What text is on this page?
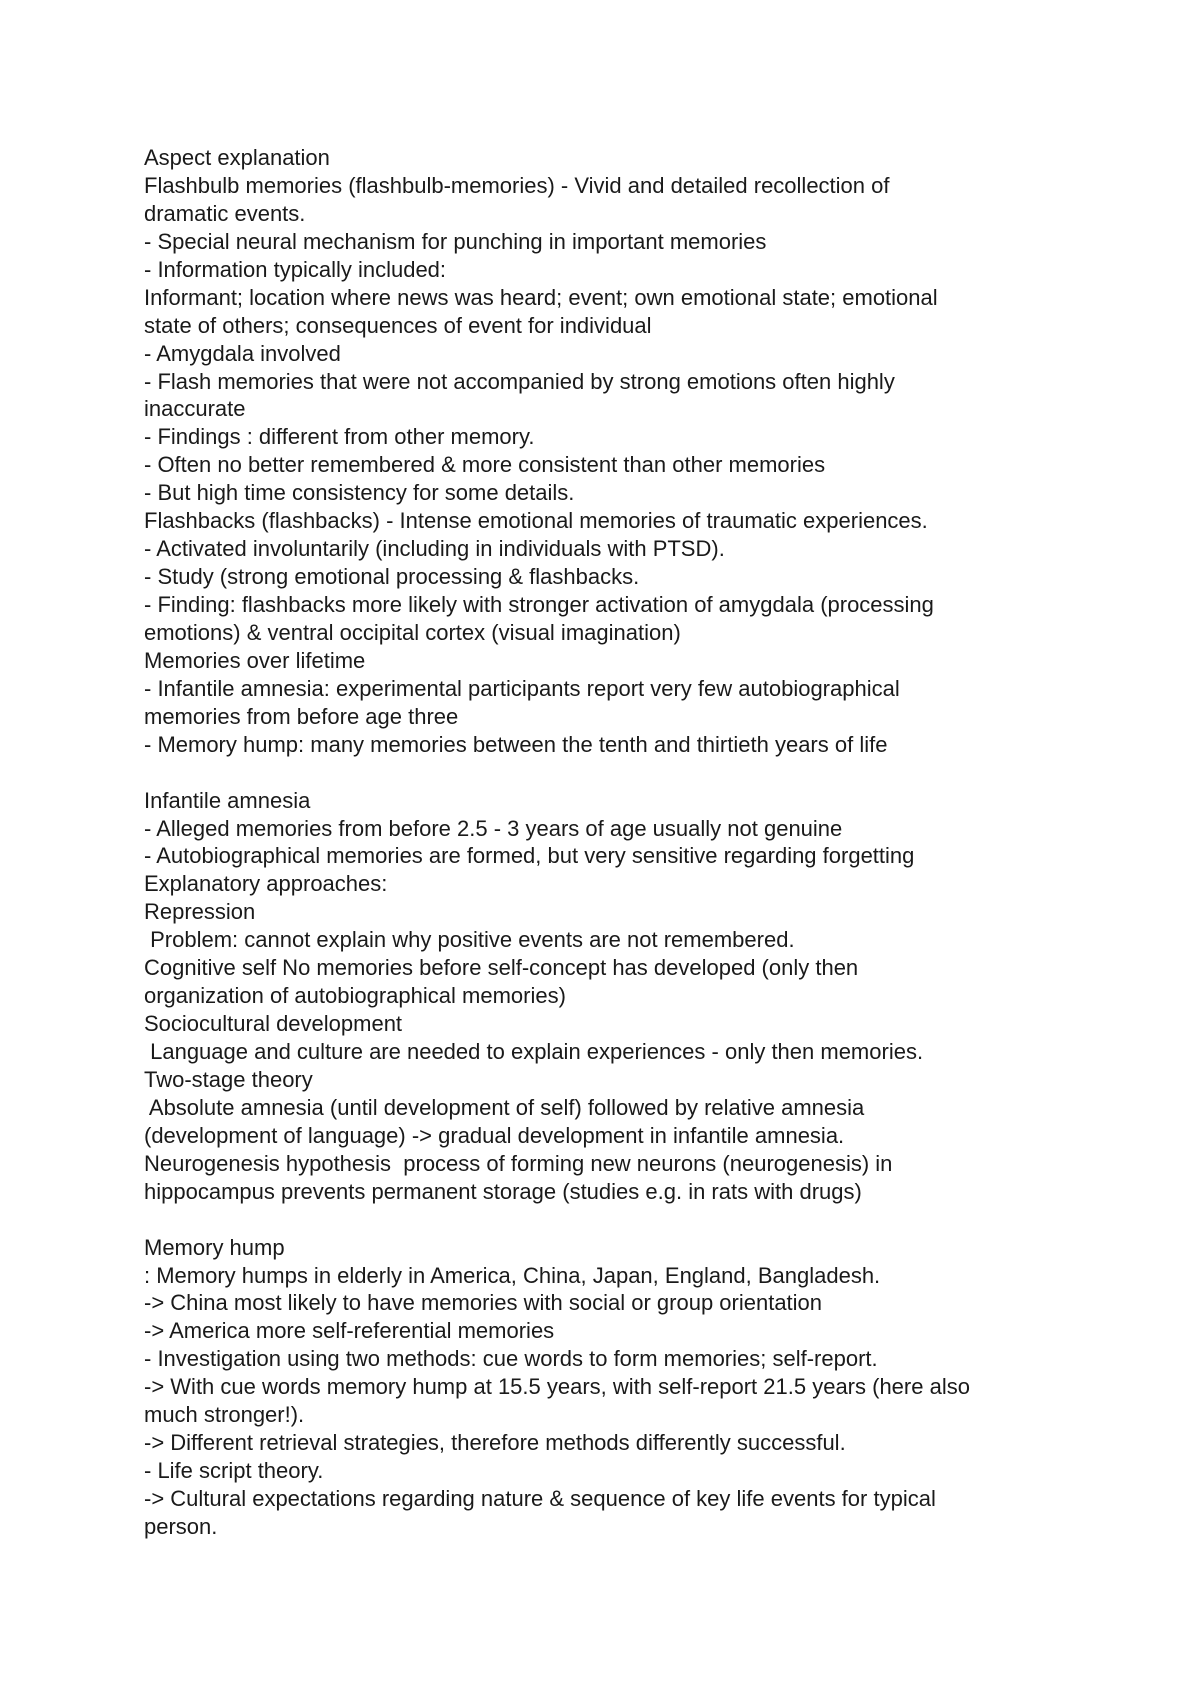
Aspect explanation
Flashbulb memories (flashbulb-memories) - Vivid and detailed recollection of
dramatic events.
- Special neural mechanism for punching in important memories
- Information typically included:
Informant; location where news was heard; event; own emotional state; emotional
state of others; consequences of event for individual
- Amygdala involved
- Flash memories that were not accompanied by strong emotions often highly
inaccurate
- Findings : different from other memory.
- Often no better remembered & more consistent than other memories
- But high time consistency for some details.
Flashbacks (flashbacks) - Intense emotional memories of traumatic experiences.
- Activated involuntarily (including in individuals with PTSD).
- Study (strong emotional processing & flashbacks.
- Finding: flashbacks more likely with stronger activation of amygdala (processing
emotions) & ventral occipital cortex (visual imagination)
Memories over lifetime
- Infantile amnesia: experimental participants report very few autobiographical
memories from before age three
- Memory hump: many memories between the tenth and thirtieth years of life
Infantile amnesia
- Alleged memories from before 2.5 - 3 years of age usually not genuine
- Autobiographical memories are formed, but very sensitive regarding forgetting
Explanatory approaches:
Repression
Problem: cannot explain why positive events are not remembered.
Cognitive self No memories before self-concept has developed (only then
organization of autobiographical memories)
Sociocultural development
Language and culture are needed to explain experiences - only then memories.
Two-stage theory
Absolute amnesia (until development of self) followed by relative amnesia
(development of language) -> gradual development in infantile amnesia.
Neurogenesis hypothesis  process of forming new neurons (neurogenesis) in
hippocampus prevents permanent storage (studies e.g. in rats with drugs)
Memory hump
: Memory humps in elderly in America, China, Japan, England, Bangladesh.
-> China most likely to have memories with social or group orientation
-> America more self-referential memories
- Investigation using two methods: cue words to form memories; self-report.
-> With cue words memory hump at 15.5 years, with self-report 21.5 years (here also
much stronger!).
-> Different retrieval strategies, therefore methods differently successful.
- Life script theory.
-> Cultural expectations regarding nature & sequence of key life events for typical
person.
